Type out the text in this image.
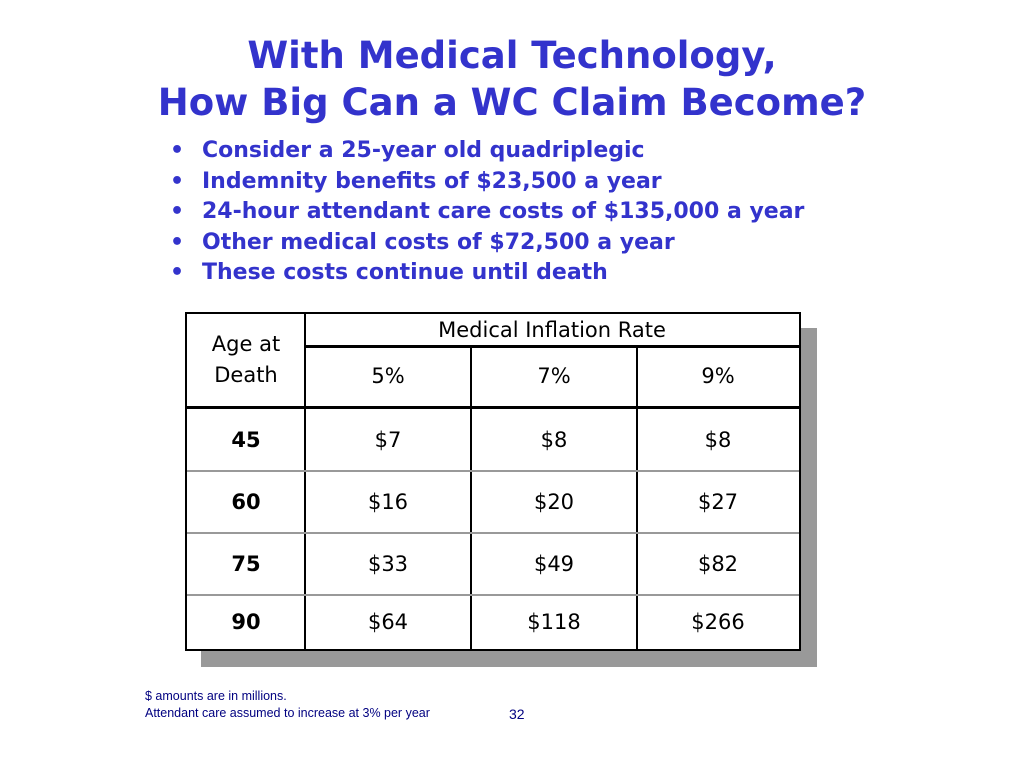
With Medical Technology,
How Big Can a WC Claim Become?
• Consider a 25-year old quadriplegic
• Indemnity benefits of $23,500 a year
• 24-hour attendant care costs of $135,000 a year
• Other medical costs of $72,500 a year
• These costs continue until death
Age at
Death
Medical Inflation Rate
5%	7%	9%
45	$7	$8	$8
60	$16	$20	$27
75	$33	$49	$82
90	$64	$118	$266
$ amounts are in millions.
Attendant care assumed to increase at 3% per year	32
